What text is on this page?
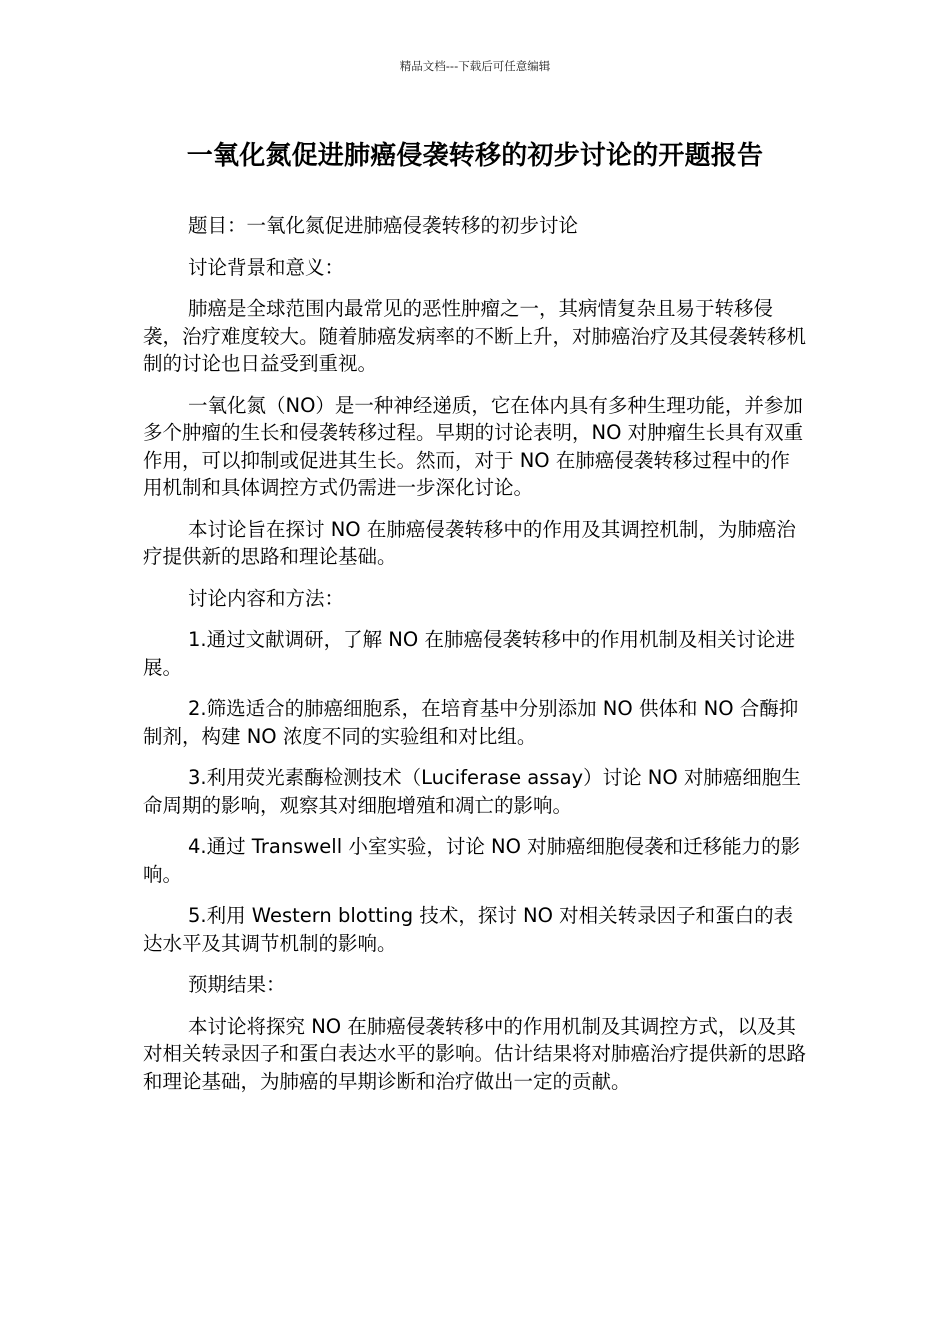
精品文档---下载后可任意编辑
一氧化氮促进肺癌侵袭转移的初步讨论的开题报告

题目：一氧化氮促进肺癌侵袭转移的初步讨论

讨论背景和意义：

肺癌是全球范围内最常见的恶性肿瘤之一，其病情复杂且易于转移侵袭，治疗难度较大。随着肺癌发病率的不断上升，对肺癌治疗及其侵袭转移机制的讨论也日益受到重视。

一氧化氮（NO）是一种神经递质，它在体内具有多种生理功能，并参加多个肿瘤的生长和侵袭转移过程。早期的讨论表明，NO 对肿瘤生长具有双重作用，可以抑制或促进其生长。然而，对于 NO 在肺癌侵袭转移过程中的作用机制和具体调控方式仍需进一步深化讨论。

本讨论旨在探讨 NO 在肺癌侵袭转移中的作用及其调控机制，为肺癌治疗提供新的思路和理论基础。

讨论内容和方法：

1.通过文献调研，了解 NO 在肺癌侵袭转移中的作用机制及相关讨论进展。

2.筛选适合的肺癌细胞系，在培育基中分别添加 NO 供体和 NO 合酶抑制剂，构建 NO 浓度不同的实验组和对比组。

3.利用荧光素酶检测技术（Luciferase assay）讨论 NO 对肺癌细胞生命周期的影响，观察其对细胞增殖和凋亡的影响。

4.通过 Transwell 小室实验，讨论 NO 对肺癌细胞侵袭和迁移能力的影响。

5.利用 Western blotting 技术，探讨 NO 对相关转录因子和蛋白的表达水平及其调节机制的影响。

预期结果：

本讨论将探究 NO 在肺癌侵袭转移中的作用机制及其调控方式，以及其对相关转录因子和蛋白表达水平的影响。估计结果将对肺癌治疗提供新的思路和理论基础，为肺癌的早期诊断和治疗做出一定的贡献。
